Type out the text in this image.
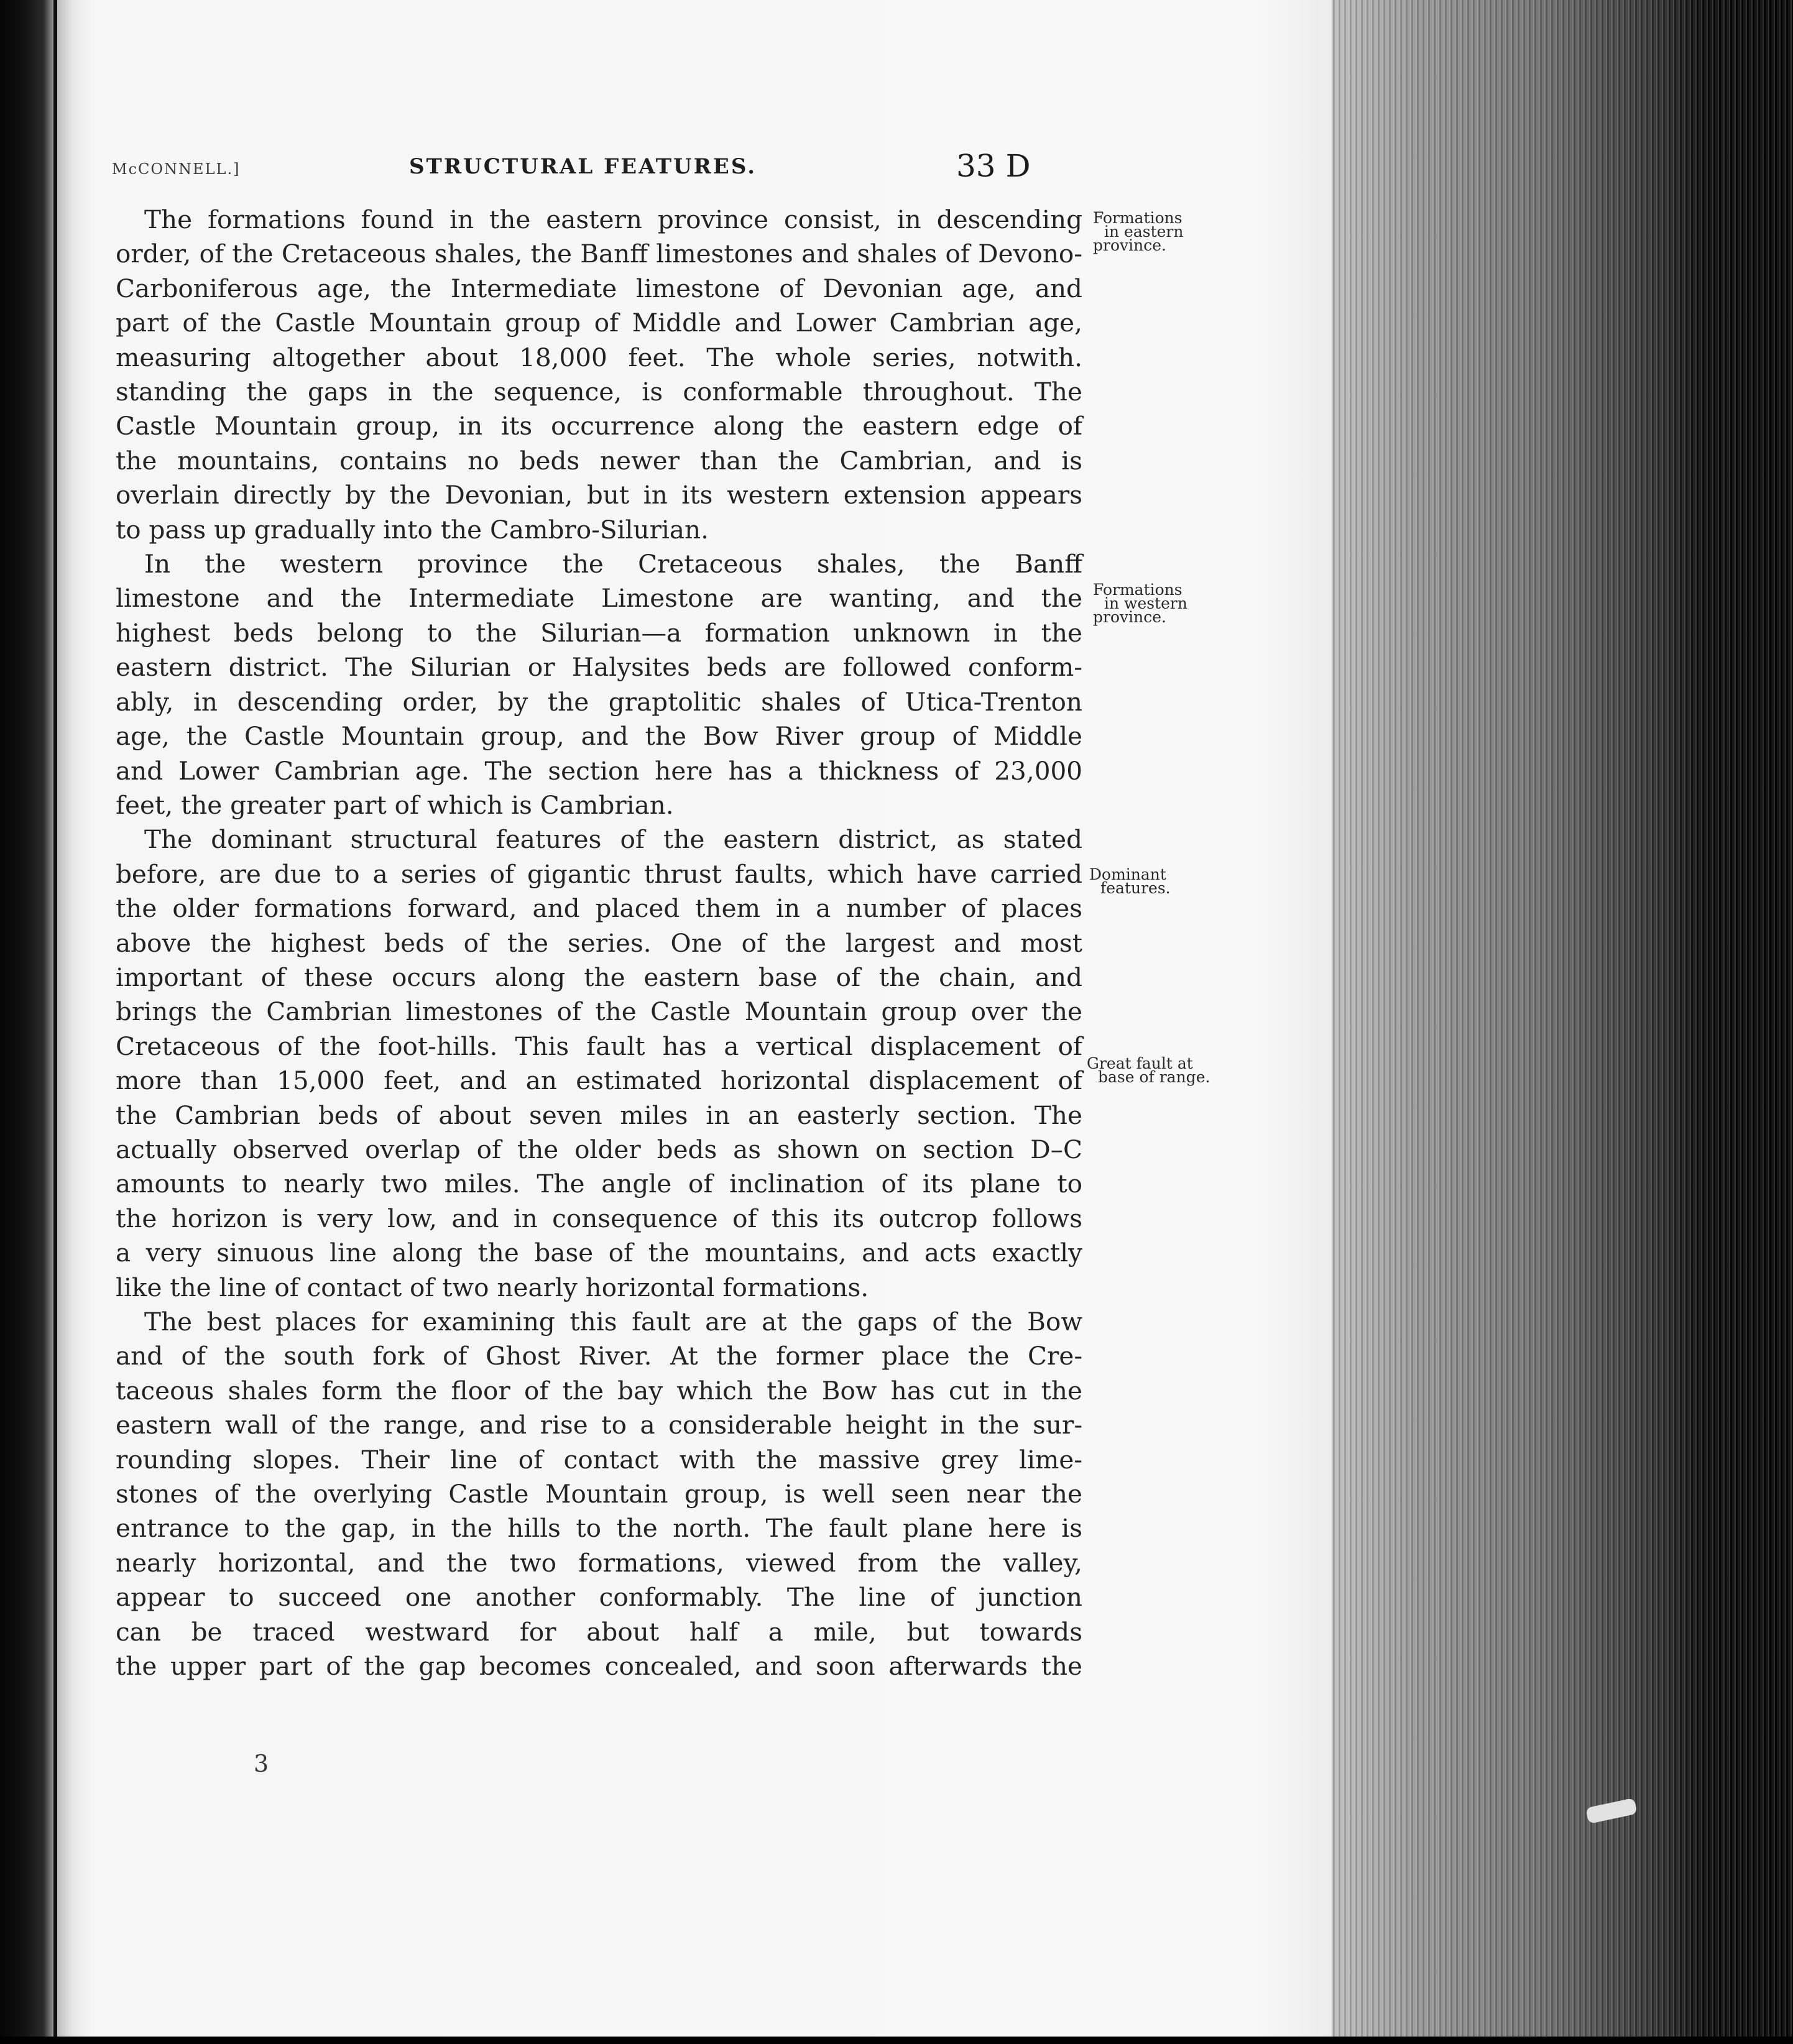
McCONNELL.]	STRUCTURAL FEATURES.	33 D

The formations found in the eastern province consist, in descending
order, of the Cretaceous shales, the Banff limestones and shales of Devono-
Carboniferous age, the Intermediate limestone of Devonian age, and
part of the Castle Mountain group of Middle and Lower Cambrian age,
measuring altogether about 18,000 feet. The whole series, notwith.
standing the gaps in the sequence, is conformable throughout. The
Castle Mountain group, in its occurrence along the eastern edge of
the mountains, contains no beds newer than the Cambrian, and is
overlain directly by the Devonian, but in its western extension appears
to pass up gradually into the Cambro-Silurian.

In the western province the Cretaceous shales, the Banff
limestone and the Intermediate Limestone are wanting, and the
highest beds belong to the Silurian—a formation unknown in the
eastern district. The Silurian or Halysites beds are followed conform-
ably, in descending order, by the graptolitic shales of Utica-Trenton
age, the Castle Mountain group, and the Bow River group of Middle
and Lower Cambrian age. The section here has a thickness of 23,000
feet, the greater part of which is Cambrian.

The dominant structural features of the eastern district, as stated
before, are due to a series of gigantic thrust faults, which have carried
the older formations forward, and placed them in a number of places
above the highest beds of the series. One of the largest and most
important of these occurs along the eastern base of the chain, and
brings the Cambrian limestones of the Castle Mountain group over the
Cretaceous of the foot-hills. This fault has a vertical displacement of
more than 15,000 feet, and an estimated horizontal displacement of
the Cambrian beds of about seven miles in an easterly section. The
actually observed overlap of the older beds as shown on section D–C
amounts to nearly two miles. The angle of inclination of its plane to
the horizon is very low, and in consequence of this its outcrop follows
a very sinuous line along the base of the mountains, and acts exactly
like the line of contact of two nearly horizontal formations.

The best places for examining this fault are at the gaps of the Bow
and of the south fork of Ghost River. At the former place the Cre-
taceous shales form the floor of the bay which the Bow has cut in the
eastern wall of the range, and rise to a considerable height in the sur-
rounding slopes. Their line of contact with the massive grey lime-
stones of the overlying Castle Mountain group, is well seen near the
entrance to the gap, in the hills to the north. The fault plane here is
nearly horizontal, and the two formations, viewed from the valley,
appear to succeed one another conformably. The line of junction
can be traced westward for about half a mile, but towards
the upper part of the gap becomes concealed, and soon afterwards the

Formations
in eastern
province.
Formations
in western
province.
Dominant
features.
Great fault at
base of range.
3
